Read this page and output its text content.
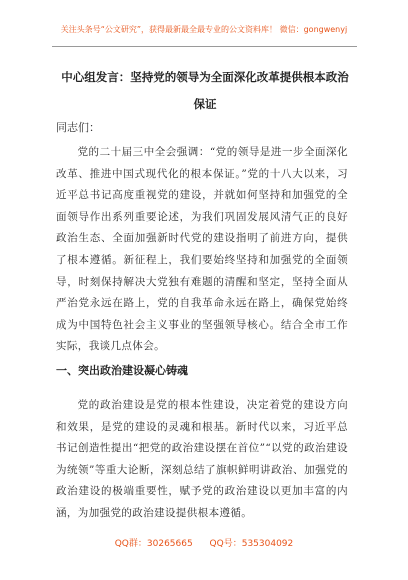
关注头条号“公文研究”，获得最新最全最专业的公文资料库！ 微信：gongwenyj
中心组发言：坚持党的领导为全面深化改革提供根本政治保证
同志们：
党的二十届三中全会强调：“党的领导是进一步全面深化改革、推进中国式现代化的根本保证。”党的十八大以来，习近平总书记高度重视党的建设，并就如何坚持和加强党的全面领导作出系列重要论述，为我们巩固发展风清气正的良好政治生态、全面加强新时代党的建设指明了前进方向，提供了根本遵循。新征程上，我们要始终坚持和加强党的全面领导，时刻保持解决大党独有难题的清醒和坚定，坚持全面从严治党永远在路上，党的自我革命永远在路上，确保党始终成为中国特色社会主义事业的坚强领导核心。结合全市工作实际，我谈几点体会。
一、突出政治建设凝心铸魂
党的政治建设是党的根本性建设，决定着党的建设方向和效果，是党的建设的灵魂和根基。新时代以来，习近平总书记创造性提出“把党的政治建设摆在首位”“以党的政治建设为统领”等重大论断，深刻总结了旗帜鲜明讲政治、加强党的政治建设的极端重要性，赋予党的政治建设以更加丰富的内涵，为加强党的政治建设提供根本遵循。
QQ群：30265665 QQ号：535304092
